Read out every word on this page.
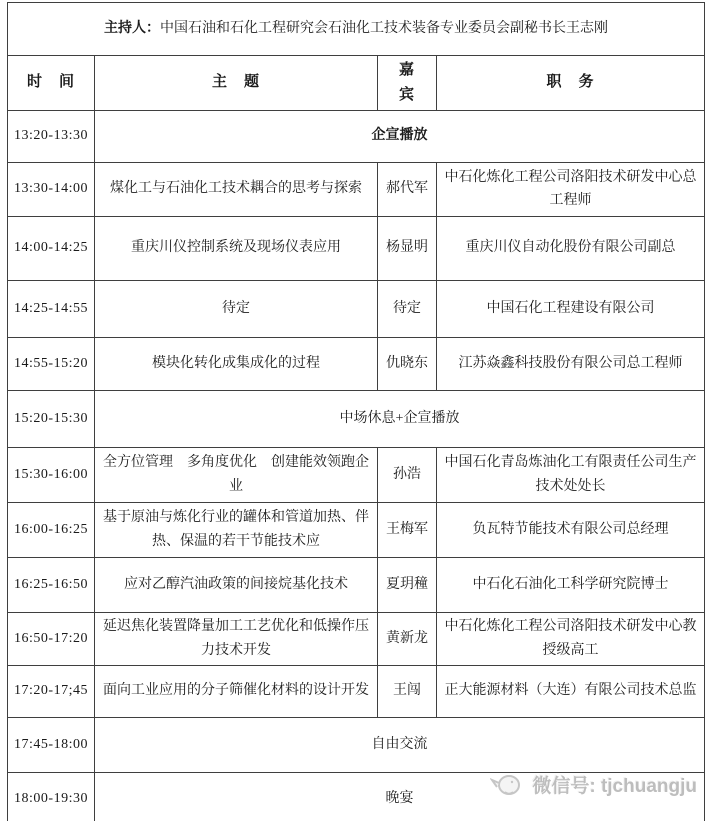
主持人：中国石油和石化工程研究会石油化工技术装备专业委员会副秘书长王志刚			
时　间	主　题	嘉　宾	职　务
13:20-13:30	企宣播放		
13:30-14:00	煤化工与石油化工技术耦合的思考与探索	郝代军	中石化炼化工程公司洛阳技术研发中心总工程师
14:00-14:25	重庆川仪控制系统及现场仪表应用	杨显明	重庆川仪自动化股份有限公司副总
14:25-14:55	待定	待定	中国石化工程建设有限公司
14:55-15:20	模块化转化成集成化的过程	仇晓东	江苏焱鑫科技股份有限公司总工程师
15:20-15:30	中场休息+企宣播放		
15:30-16:00	全方位管理　多角度优化　创建能效领跑企业	孙浩	中国石化青岛炼油化工有限责任公司生产技术处处长
16:00-16:25	基于原油与炼化行业的罐体和管道加热、伴热、保温的若干节能技术应	王梅军	负瓦特节能技术有限公司总经理
16:25-16:50	应对乙醇汽油政策的间接烷基化技术	夏玥穜	中石化石油化工科学研究院博士
16:50-17:20	延迟焦化装置降量加工工艺优化和低操作压力技术开发	黄新龙	中石化炼化工程公司洛阳技术研发中心教授级高工
17:20-17;45	面向工业应用的分子筛催化材料的设计开发	王闯	正大能源材料（大连）有限公司技术总监
17:45-18:00	自由交流		
18:00-19:30	晚宴		
微信号: tjchuangju
